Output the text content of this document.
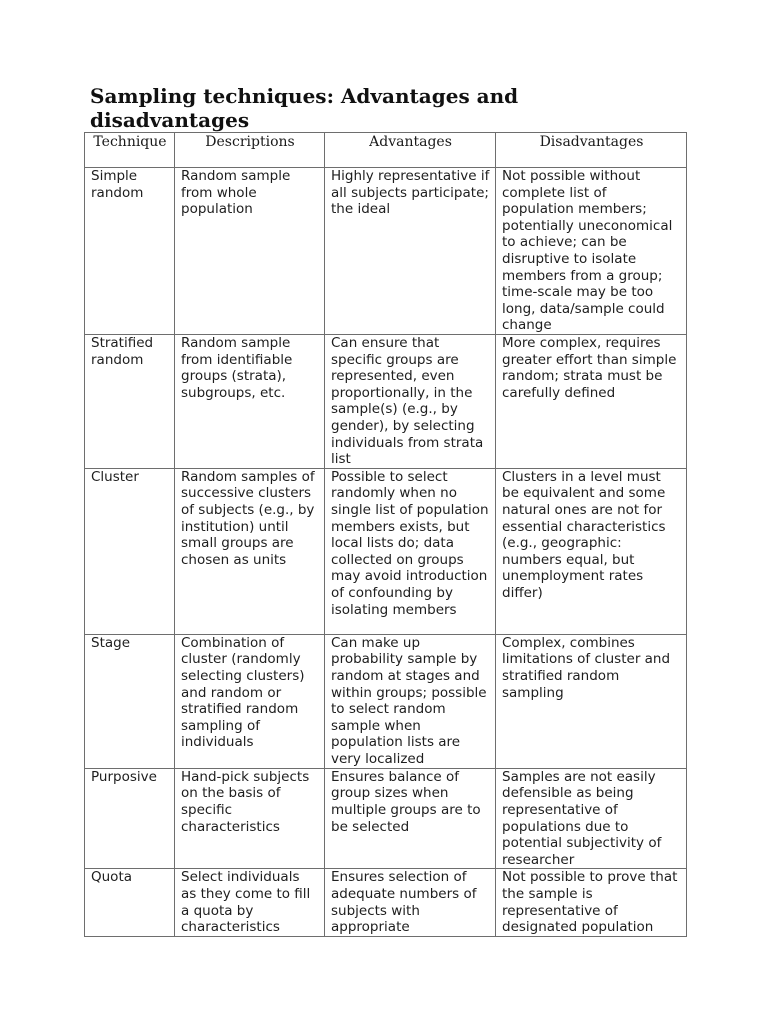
Sampling techniques: Advantages and disadvantages
Technique	Descriptions	Advantages	Disadvantages
Simple random	Random sample from whole population	Highly representative if all subjects participate; the ideal	Not possible without complete list of population members; potentially uneconomical to achieve; can be disruptive to isolate members from a group; time-scale may be too long, data/sample could change
Stratified random	Random sample from identifiable groups (strata), subgroups, etc.	Can ensure that specific groups are represented, even proportionally, in the sample(s) (e.g., by gender), by selecting individuals from strata list	More complex, requires greater effort than simple random; strata must be carefully defined
Cluster	Random samples of successive clusters of subjects (e.g., by institution) until small groups are chosen as units	Possible to select randomly when no single list of population members exists, but local lists do; data collected on groups may avoid introduction of confounding by isolating members	Clusters in a level must be equivalent and some natural ones are not for essential characteristics (e.g., geographic: numbers equal, but unemployment rates differ)
Stage	Combination of cluster (randomly selecting clusters) and random or stratified random sampling of individuals	Can make up probability sample by random at stages and within groups; possible to select random sample when population lists are very localized	Complex, combines limitations of cluster and stratified random sampling
Purposive	Hand-pick subjects on the basis of specific characteristics	Ensures balance of group sizes when multiple groups are to be selected	Samples are not easily defensible as being representative of populations due to potential subjectivity of researcher
Quota	Select individuals as they come to fill a quota by characteristics	Ensures selection of adequate numbers of subjects with appropriate	Not possible to prove that the sample is representative of designated population
